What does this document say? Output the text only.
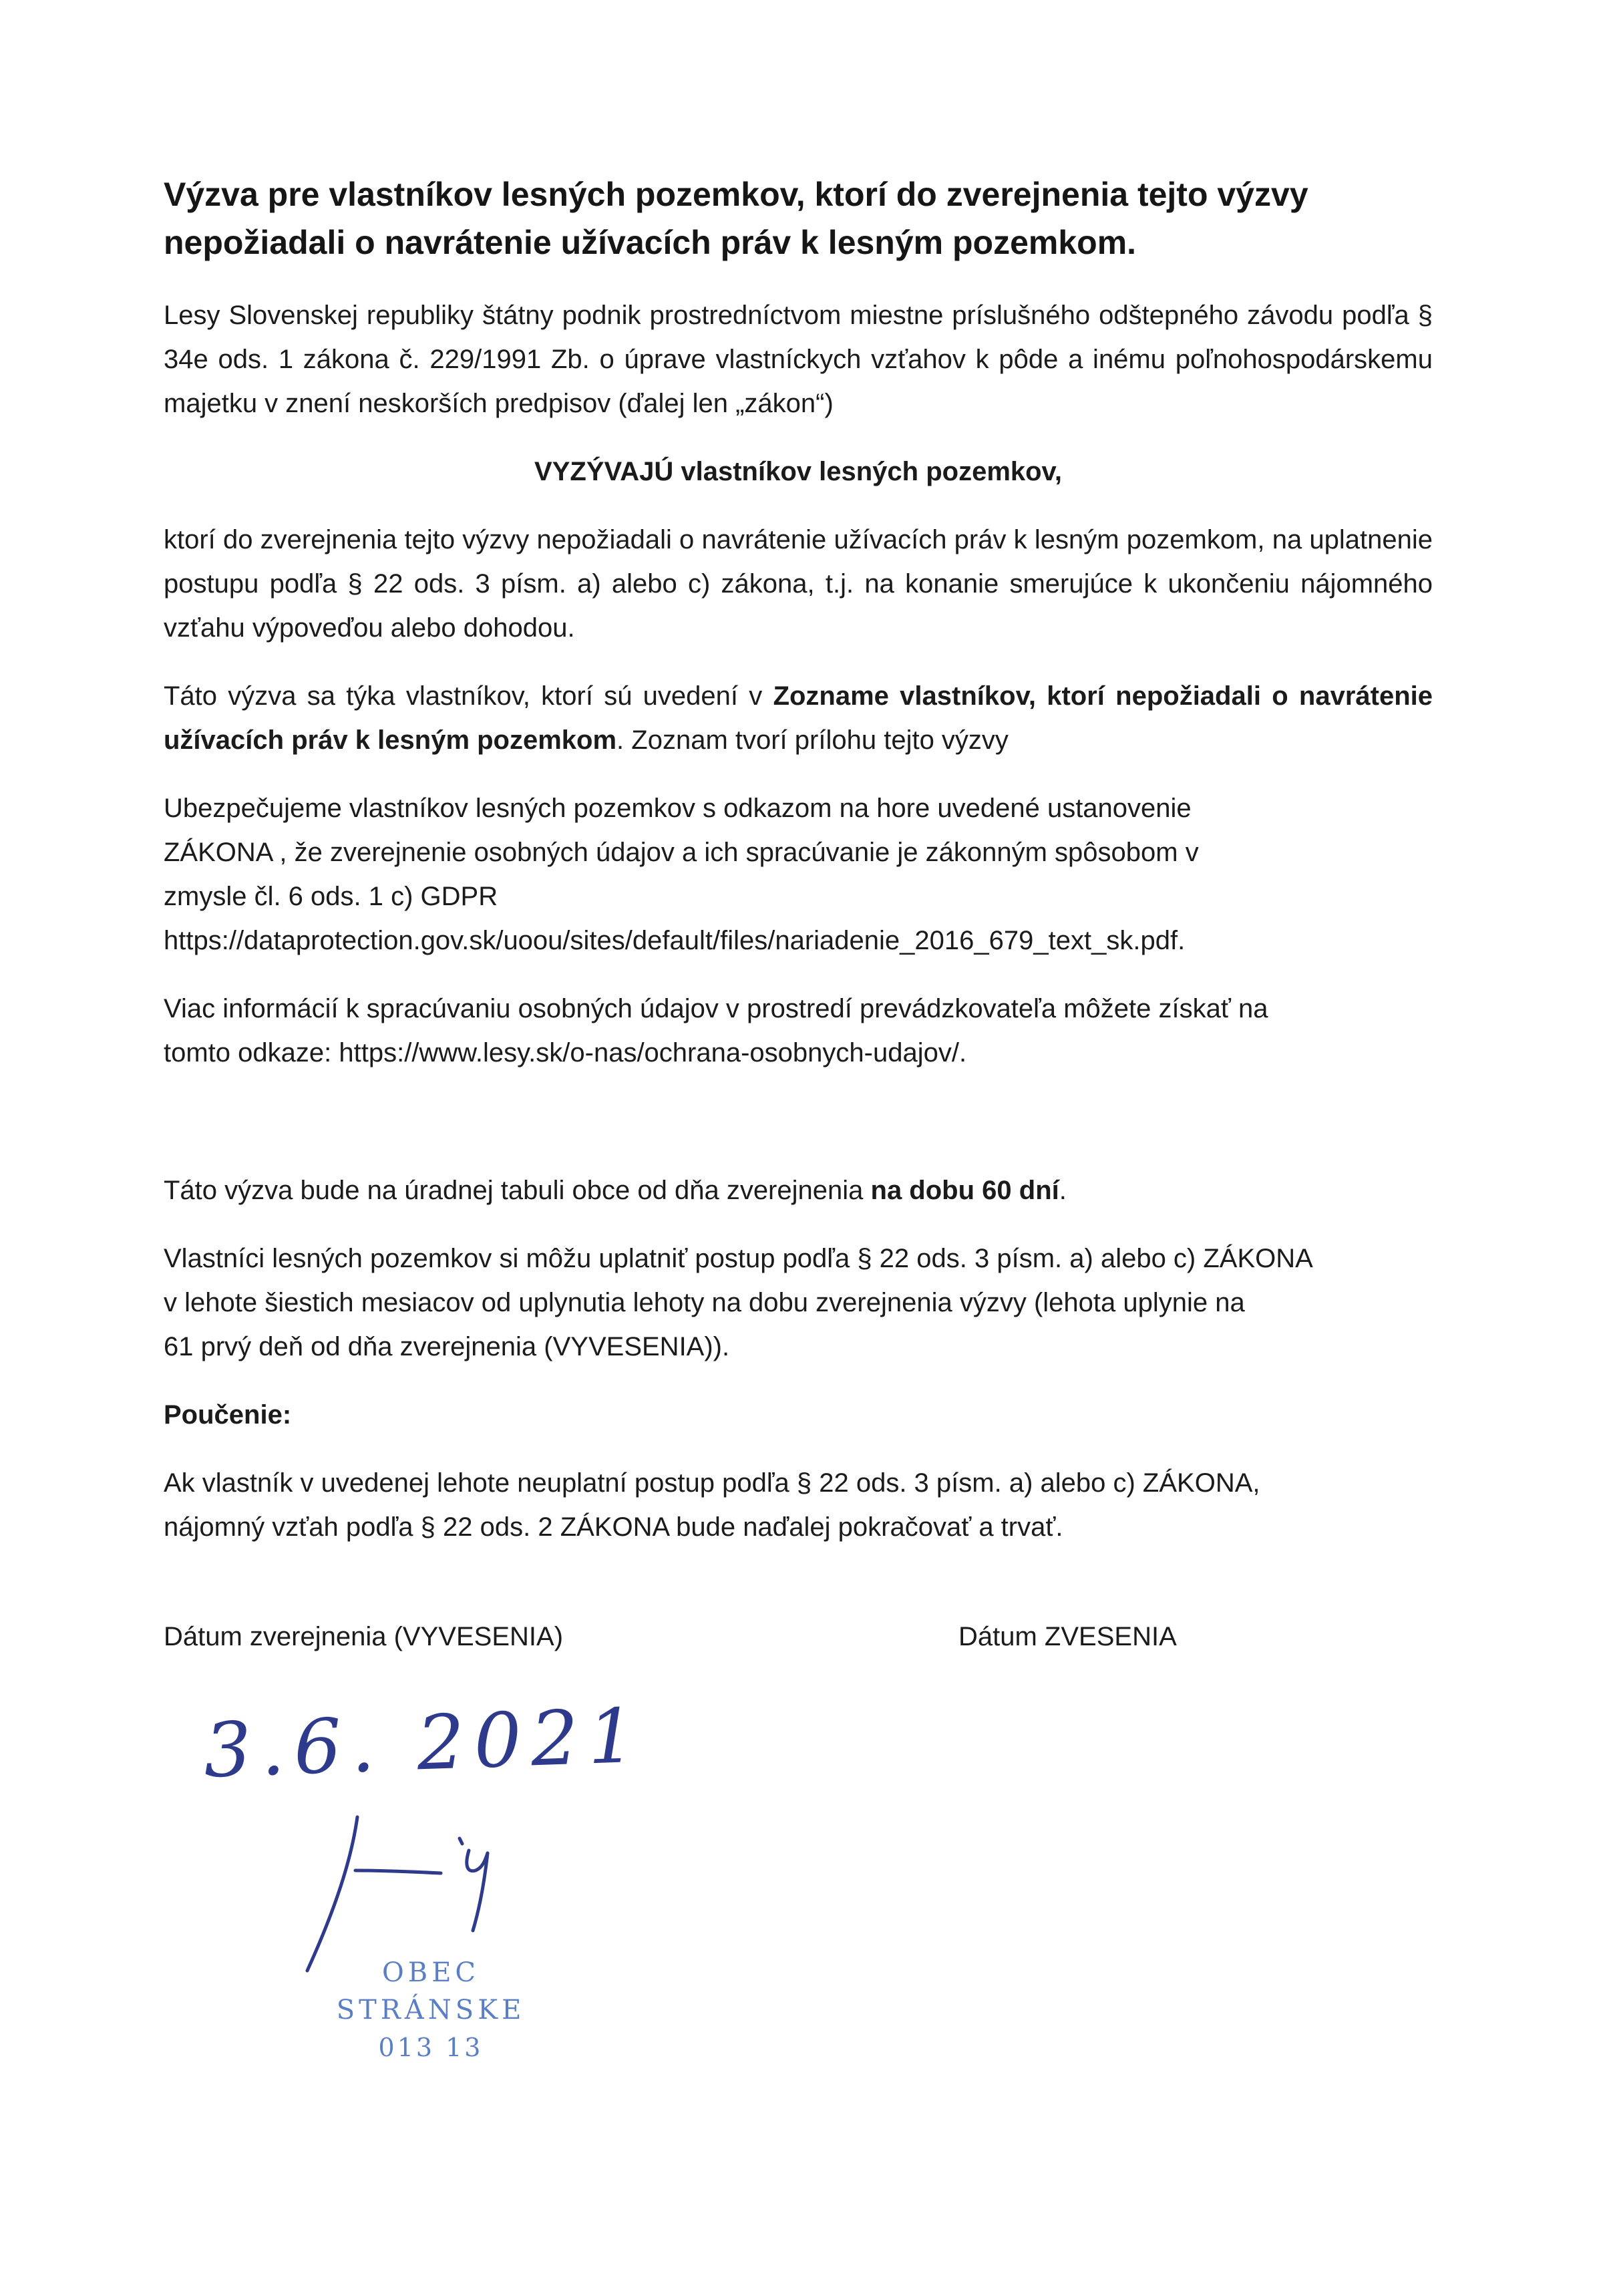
Výzva pre vlastníkov lesných pozemkov, ktorí do zverejnenia tejto výzvy nepožiadali o navrátenie užívacích práv k lesným pozemkom.

Lesy Slovenskej republiky štátny podnik prostredníctvom miestne príslušného odštepného závodu podľa § 34e ods. 1 zákona č. 229/1991 Zb. o úprave vlastníckych vzťahov k pôde a inému poľnohospodárskemu majetku v znení neskorších predpisov (ďalej len „zákon“)

VYZÝVAJÚ vlastníkov lesných pozemkov,

ktorí do zverejnenia tejto výzvy nepožiadali o navrátenie užívacích práv k lesným pozemkom, na uplatnenie postupu podľa § 22 ods. 3 písm. a) alebo c) zákona, t.j. na konanie smerujúce k ukončeniu nájomného vzťahu výpoveďou alebo dohodou.

Táto výzva sa týka vlastníkov, ktorí sú uvedení v Zozname vlastníkov, ktorí nepožiadali o navrátenie užívacích práv k lesným pozemkom. Zoznam tvorí prílohu tejto výzvy

Ubezpečujeme vlastníkov lesných pozemkov s odkazom na hore uvedené ustanovenie

ZÁKONA , že zverejnenie osobných údajov a ich spracúvanie je zákonným spôsobom v

zmysle čl. 6 ods. 1 c) GDPR

https://dataprotection.gov.sk/uoou/sites/default/files/nariadenie_2016_679_text_sk.pdf.

Viac informácií k spracúvaniu osobných údajov v prostredí prevádzkovateľa môžete získať na

tomto odkaze: https://www.lesy.sk/o-nas/ochrana-osobnych-udajov/.

Táto výzva bude na úradnej tabuli obce od dňa zverejnenia na dobu 60 dní.

Vlastníci lesných pozemkov si môžu uplatniť postup podľa § 22 ods. 3 písm. a) alebo c) ZÁKONA

v lehote šiestich mesiacov od uplynutia lehoty na dobu zverejnenia výzvy (lehota uplynie na

61 prvý deň od dňa zverejnenia (VYVESENIA)).

Poučenie:

Ak vlastník v uvedenej lehote neuplatní postup podľa § 22 ods. 3 písm. a) alebo c) ZÁKONA,

nájomný vzťah podľa § 22 ods. 2 ZÁKONA bude naďalej pokračovať a trvať.

Dátum zverejnenia (VYVESENIA)	Dátum ZVESENIA
3.6. 2021
OBEC STRÁNSKE
013 13
